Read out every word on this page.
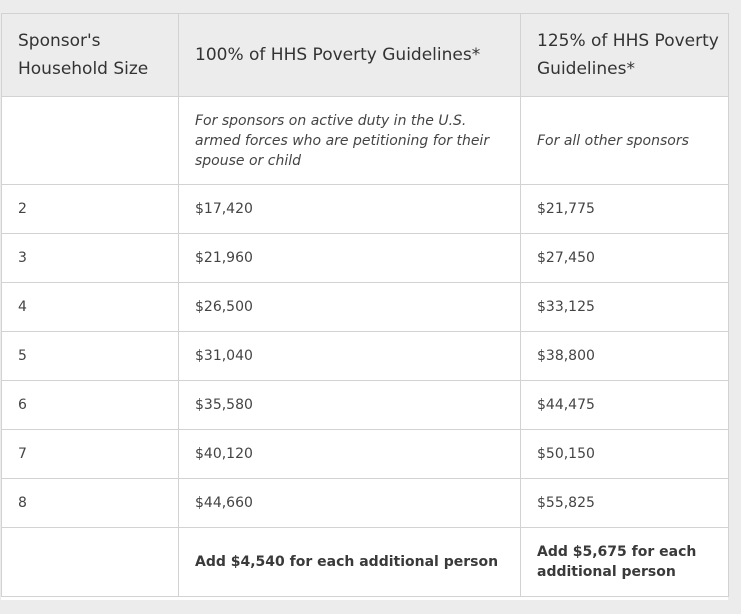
Sponsor's Household Size	100% of HHS Poverty Guidelines*	125% of HHS Poverty Guidelines*
	For sponsors on active duty in the U.S. armed forces who are petitioning for their spouse or child	For all other sponsors
2	$17,420	$21,775
3	$21,960	$27,450
4	$26,500	$33,125
5	$31,040	$38,800
6	$35,580	$44,475
7	$40,120	$50,150
8	$44,660	$55,825
	Add $4,540 for each additional person	Add $5,675 for each additional person
